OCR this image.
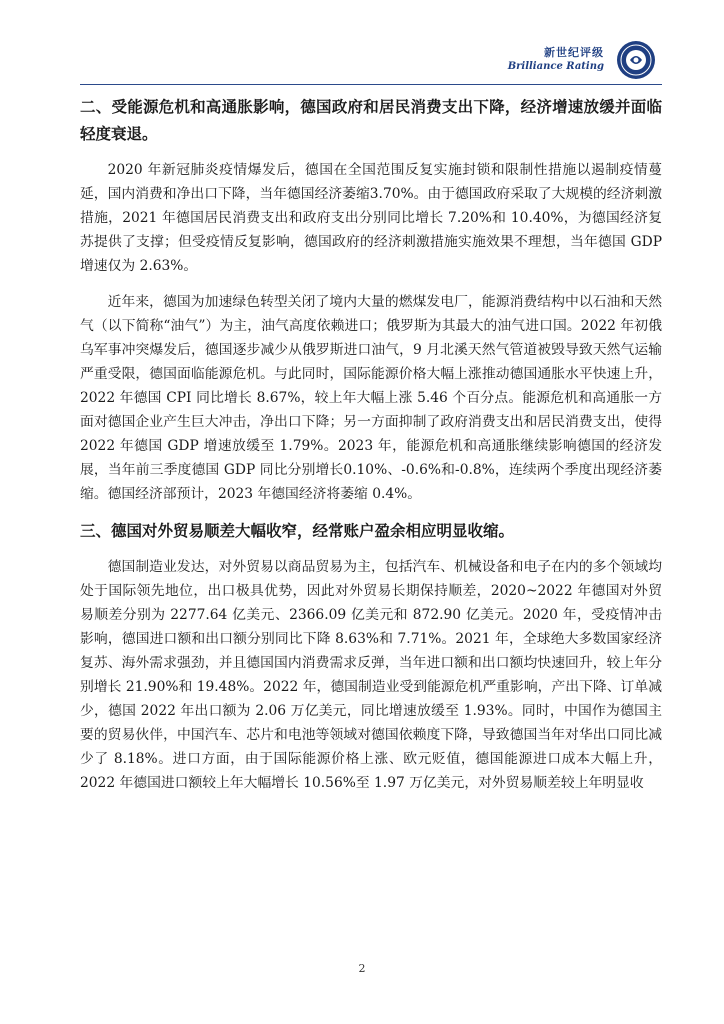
新世纪评级
Brilliance Rating
二、受能源危机和高通胀影响，德国政府和居民消费支出下降，经济增速放缓并面临轻度衰退。

2020 年新冠肺炎疫情爆发后，德国在全国范围反复实施封锁和限制性措施以遏制疫情蔓延，国内消费和净出口下降，当年德国经济萎缩3.70%。由于德国政府采取了大规模的经济刺激措施，2021 年德国居民消费支出和政府支出分别同比增长 7.20%和 10.40%，为德国经济复苏提供了支撑；但受疫情反复影响，德国政府的经济刺激措施实施效果不理想，当年德国 GDP 增速仅为 2.63%。

近年来，德国为加速绿色转型关闭了境内大量的燃煤发电厂，能源消费结构中以石油和天然气（以下简称“油气”）为主，油气高度依赖进口；俄罗斯为其最大的油气进口国。2022 年初俄乌军事冲突爆发后，德国逐步减少从俄罗斯进口油气，9 月北溪天然气管道被毁导致天然气运输严重受限，德国面临能源危机。与此同时，国际能源价格大幅上涨推动德国通胀水平快速上升，2022 年德国 CPI 同比增长 8.67%，较上年大幅上涨 5.46 个百分点。能源危机和高通胀一方面对德国企业产生巨大冲击，净出口下降；另一方面抑制了政府消费支出和居民消费支出，使得 2022 年德国 GDP 增速放缓至 1.79%。2023 年，能源危机和高通胀继续影响德国的经济发展，当年前三季度德国 GDP 同比分别增长0.10%、-0.6%和-0.8%，连续两个季度出现经济萎缩。德国经济部预计，2023 年德国经济将萎缩 0.4%。

三、德国对外贸易顺差大幅收窄，经常账户盈余相应明显收缩。

德国制造业发达，对外贸易以商品贸易为主，包括汽车、机械设备和电子在内的多个领域均处于国际领先地位，出口极具优势，因此对外贸易长期保持顺差，2020~2022 年德国对外贸易顺差分别为 2277.64 亿美元、2366.09 亿美元和 872.90 亿美元。2020 年，受疫情冲击影响，德国进口额和出口额分别同比下降 8.63%和 7.71%。2021 年，全球绝大多数国家经济复苏、海外需求强劲，并且德国国内消费需求反弹，当年进口额和出口额均快速回升，较上年分别增长 21.90%和 19.48%。2022 年，德国制造业受到能源危机严重影响，产出下降、订单减少，德国 2022 年出口额为 2.06 万亿美元，同比增速放缓至 1.93%。同时，中国作为德国主要的贸易伙伴，中国汽车、芯片和电池等领域对德国依赖度下降，导致德国当年对华出口同比减少了 8.18%。进口方面，由于国际能源价格上涨、欧元贬值，德国能源进口成本大幅上升，2022 年德国进口额较上年大幅增长 10.56%至 1.97 万亿美元，对外贸易顺差较上年明显收

2
